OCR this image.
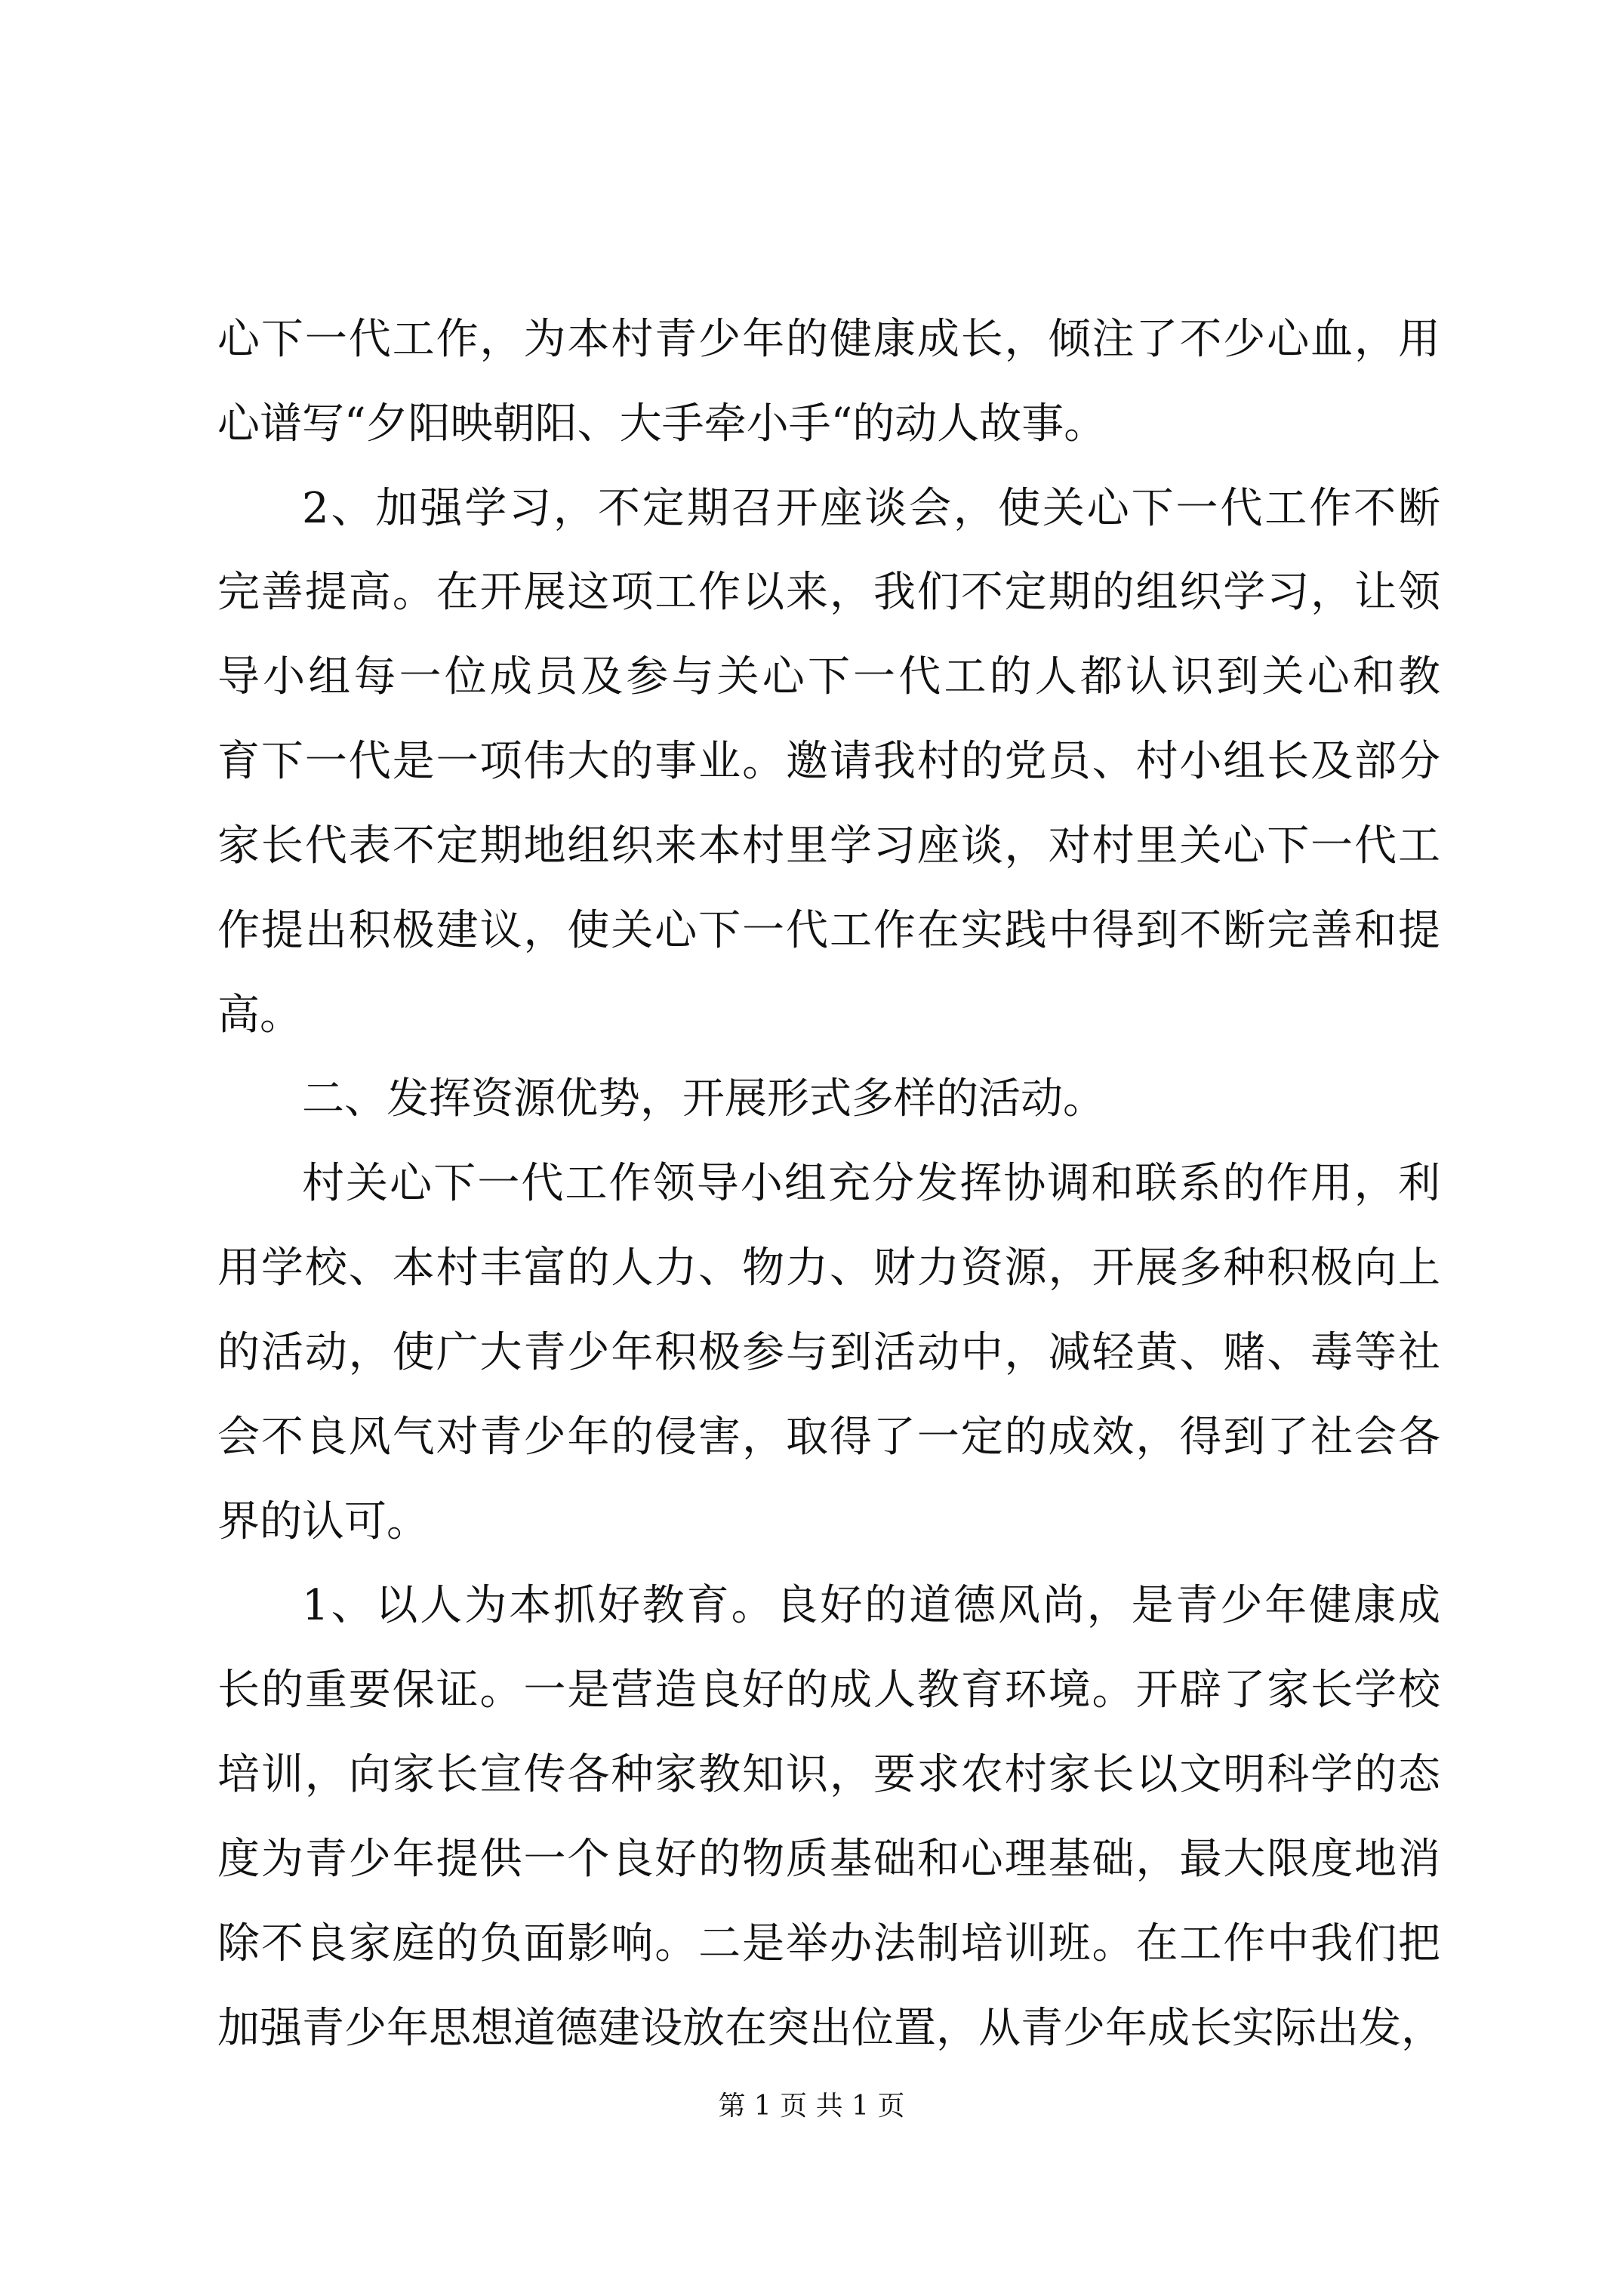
心下一代工作，为本村青少年的健康成长，倾注了不少心血，用
心谱写“夕阳映朝阳、大手牵小手“的动人故事。
2、加强学习，不定期召开座谈会，使关心下一代工作不断
完善提高。在开展这项工作以来，我们不定期的组织学习，让领
导小组每一位成员及参与关心下一代工的人都认识到关心和教
育下一代是一项伟大的事业。邀请我村的党员、村小组长及部分
家长代表不定期地组织来本村里学习座谈，对村里关心下一代工
作提出积极建议，使关心下一代工作在实践中得到不断完善和提
高。
二、发挥资源优势，开展形式多样的活动。
村关心下一代工作领导小组充分发挥协调和联系的作用，利
用学校、本村丰富的人力、物力、财力资源，开展多种积极向上
的活动，使广大青少年积极参与到活动中，减轻黄、赌、毒等社
会不良风气对青少年的侵害，取得了一定的成效，得到了社会各
界的认可。
1、以人为本抓好教育。良好的道德风尚，是青少年健康成
长的重要保证。一是营造良好的成人教育环境。开辟了家长学校
培训，向家长宣传各种家教知识，要求农村家长以文明科学的态
度为青少年提供一个良好的物质基础和心理基础，最大限度地消
除不良家庭的负面影响。二是举办法制培训班。在工作中我们把
加强青少年思想道德建设放在突出位置，从青少年成长实际出发，
第 1 页 共 1 页
